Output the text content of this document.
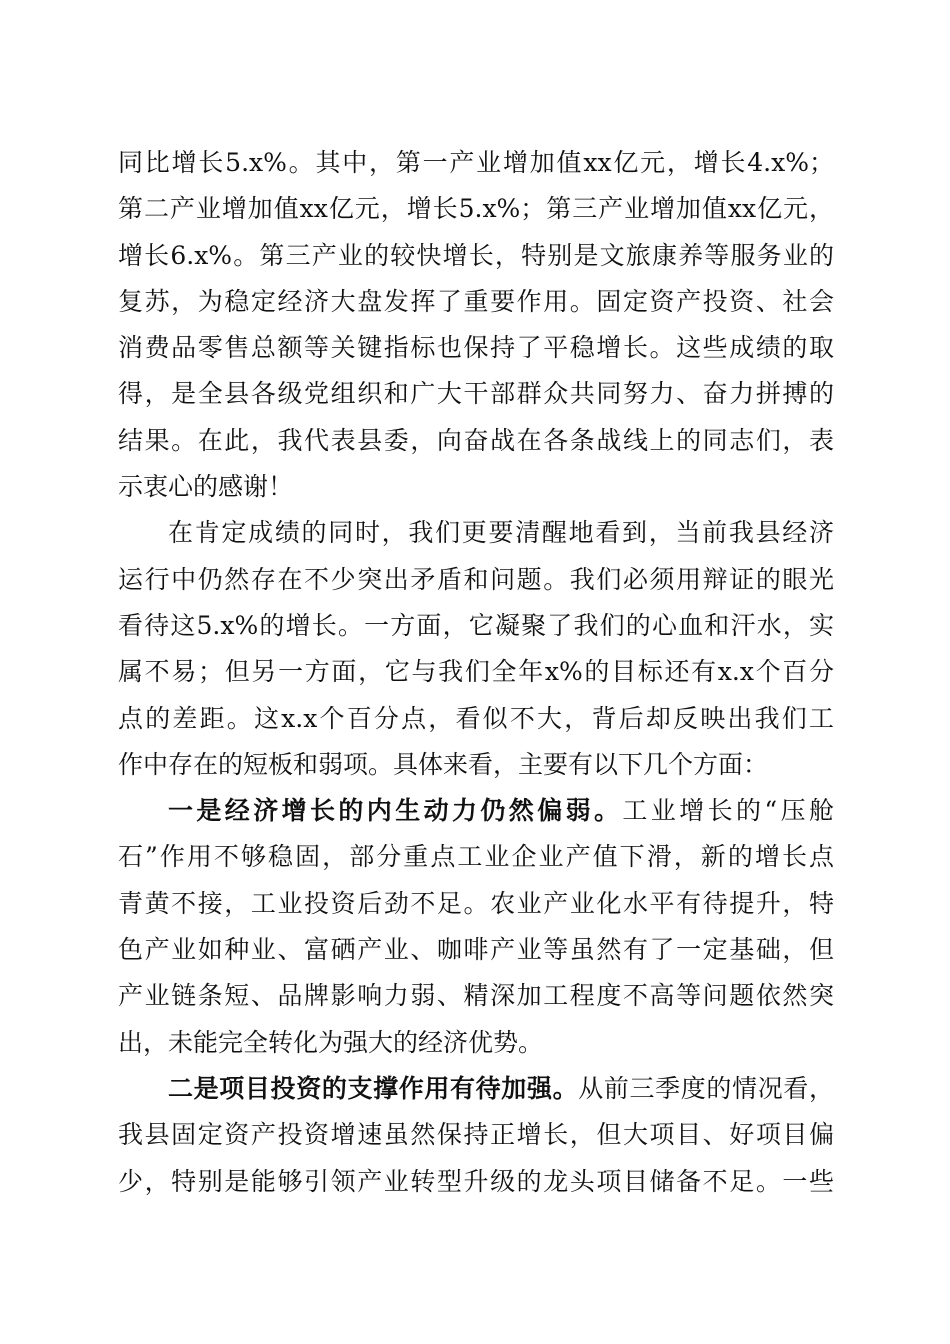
同比增长5.x%。其中，第一产业增加值xx亿元，增长4.x%；
第二产业增加值xx亿元，增长5.x%；第三产业增加值xx亿元，
增长6.x%。第三产业的较快增长，特别是文旅康养等服务业的
复苏，为稳定经济大盘发挥了重要作用。固定资产投资、社会
消费品零售总额等关键指标也保持了平稳增长。这些成绩的取
得，是全县各级党组织和广大干部群众共同努力、奋力拼搏的
结果。在此，我代表县委，向奋战在各条战线上的同志们，表
示衷心的感谢！
在肯定成绩的同时，我们更要清醒地看到，当前我县经济
运行中仍然存在不少突出矛盾和问题。我们必须用辩证的眼光
看待这5.x%的增长。一方面，它凝聚了我们的心血和汗水，实
属不易；但另一方面，它与我们全年x%的目标还有x.x个百分
点的差距。这x.x个百分点，看似不大，背后却反映出我们工
作中存在的短板和弱项。具体来看，主要有以下几个方面：
一是经济增长的内生动力仍然偏弱。工业增长的“压舱
石”作用不够稳固，部分重点工业企业产值下滑，新的增长点
青黄不接，工业投资后劲不足。农业产业化水平有待提升，特
色产业如种业、富硒产业、咖啡产业等虽然有了一定基础，但
产业链条短、品牌影响力弱、精深加工程度不高等问题依然突
出，未能完全转化为强大的经济优势。
二是项目投资的支撑作用有待加强。从前三季度的情况看，
我县固定资产投资增速虽然保持正增长，但大项目、好项目偏
少，特别是能够引领产业转型升级的龙头项目储备不足。一些
